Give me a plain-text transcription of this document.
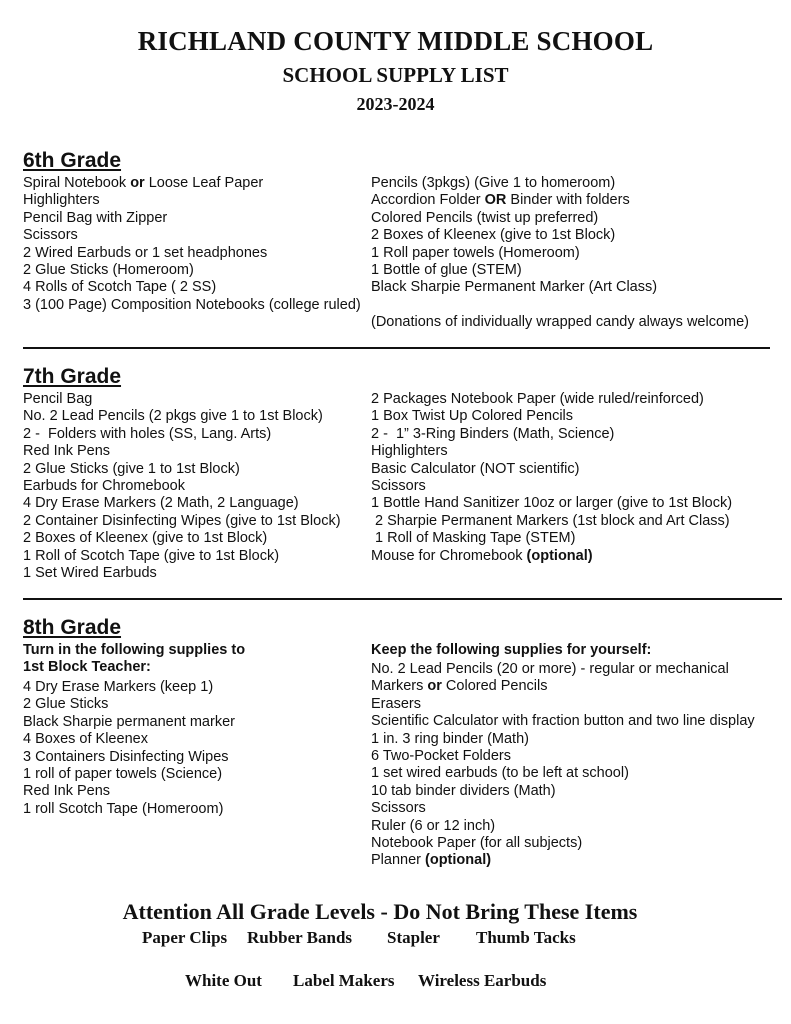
RICHLAND COUNTY MIDDLE SCHOOL
SCHOOL SUPPLY LIST
2023-2024
6th Grade
Spiral Notebook or Loose Leaf Paper
Highlighters
Pencil Bag with Zipper
Scissors
2 Wired Earbuds or 1 set headphones
2 Glue Sticks (Homeroom)
4 Rolls of Scotch Tape ( 2 SS)
3 (100 Page) Composition Notebooks (college ruled)
Pencils (3pkgs) (Give 1 to homeroom)
Accordion Folder OR Binder with folders
Colored Pencils (twist up preferred)
2 Boxes of Kleenex (give to 1st Block)
1 Roll paper towels (Homeroom)
1 Bottle of glue (STEM)
Black Sharpie Permanent Marker (Art Class)
(Donations of individually wrapped candy always welcome)
7th Grade
Pencil Bag
No. 2 Lead Pencils (2 pkgs give 1 to 1st Block)
2 -  Folders with holes (SS, Lang. Arts)
Red Ink Pens
2 Glue Sticks (give 1 to 1st Block)
Earbuds for Chromebook
4 Dry Erase Markers (2 Math, 2 Language)
2 Container Disinfecting Wipes (give to 1st Block)
2 Boxes of Kleenex (give to 1st Block)
1 Roll of Scotch Tape (give to 1st Block)
1 Set Wired Earbuds
2 Packages Notebook Paper (wide ruled/reinforced)
1 Box Twist Up Colored Pencils
2 -  1” 3-Ring Binders (Math, Science)
Highlighters
Basic Calculator (NOT scientific)
Scissors
1 Bottle Hand Sanitizer 10oz or larger (give to 1st Block)
2 Sharpie Permanent Markers (1st block and Art Class)
1 Roll of Masking Tape (STEM)
Mouse for Chromebook (optional)
8th Grade
Turn in the following supplies to
1st Block Teacher:
4 Dry Erase Markers (keep 1)
2 Glue Sticks
Black Sharpie permanent marker
4 Boxes of Kleenex
3 Containers Disinfecting Wipes
1 roll of paper towels (Science)
Red Ink Pens
1 roll Scotch Tape (Homeroom)
Keep the following supplies for yourself:
No. 2 Lead Pencils (20 or more) - regular or mechanical
Markers or Colored Pencils
Erasers
Scientific Calculator with fraction button and two line display
1 in. 3 ring binder (Math)
6 Two-Pocket Folders
1 set wired earbuds (to be left at school)
10 tab binder dividers (Math)
Scissors
Ruler (6 or 12 inch)
Notebook Paper (for all subjects)
Planner (optional)
Attention All Grade Levels - Do Not Bring These Items
Paper Clips Rubber Bands Stapler Thumb Tacks
White Out Label Makers Wireless Earbuds
